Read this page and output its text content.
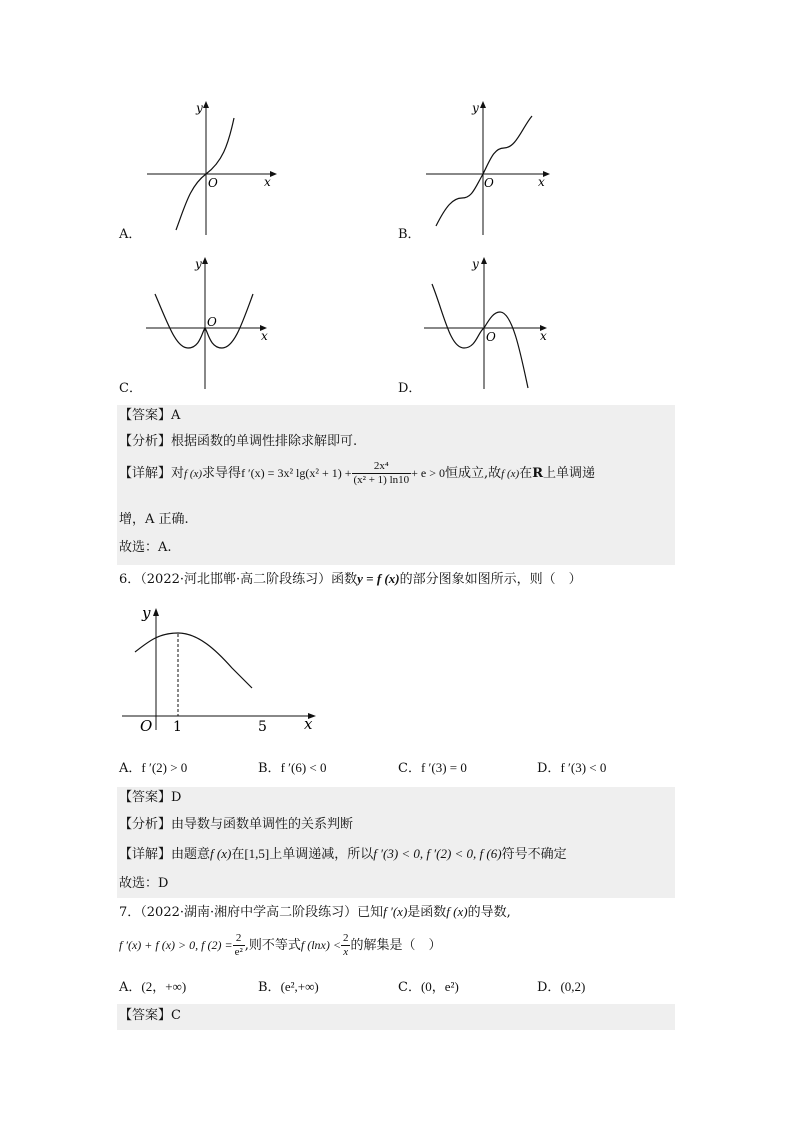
y
x
O
A．
y
x
O
B．
y
x
O
C．
y
x
O
D．
【答案】A
【分析】根据函数的单调性排除求解即可.
【详解】对f (x)求导得f ′(x) = 3x² $\lg(x^2 + 1) + \frac{\text{2x⁴}}{\text{(x² + 1) ln10}} + e > 0$恒成立,故f (x)在R上单调递
增，A 正确.
故选：A.
6．（2022·河北邯郸·高二阶段练习）函数y = f (x)的部分图象如图所示，则（　）
y
x
O 1	5
A．f ′(2) > 0	B．f ′(6) < 0	C．f ′(3) = 0	D．f ′(3) < 0
【答案】D
【分析】由导数与函数单调性的关系判断
【详解】由题意f (x)在[1,5]上单调递减，所以f ′(3) < 0, f ′(2) < 0, f (6)符号不确定
故选：D
7．（2022·湖南·湘府中学高二阶段练习）已知f ′(x)是函数f (x)的导数,
f ′(x) + f (x) > 0, f $(2) = \frac{2}{\text{e²}}$ ,则不等式f $(\ln x) < \frac{2}{x}$ 的解集是（　）
A．(2，+∞)	B．(e²,+∞)	C．(0，e²)	D．(0,2)
【答案】C
